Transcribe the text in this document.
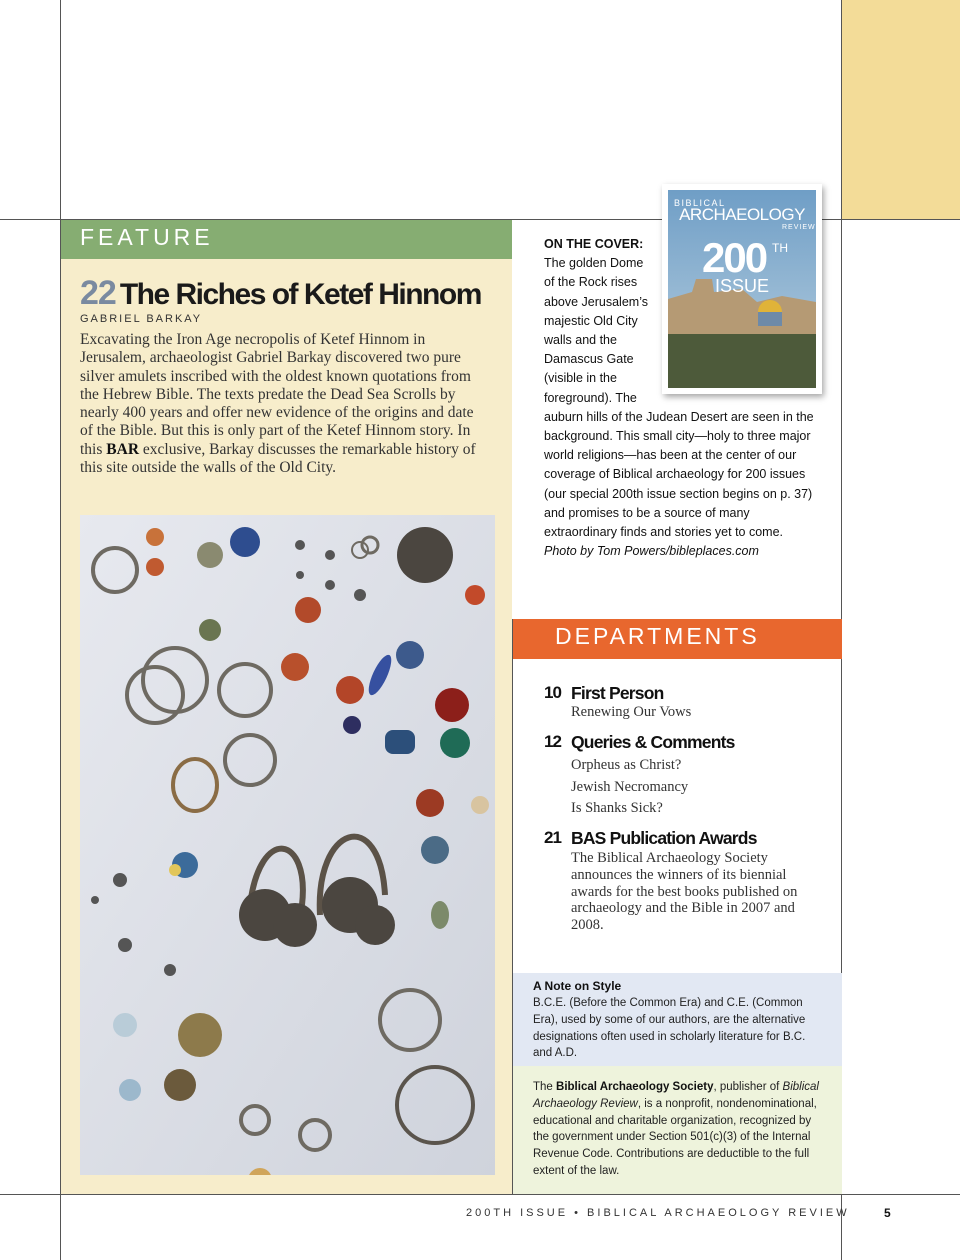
FEATURE
22 The Riches of Ketef Hinnom
GABRIEL BARKAY
Excavating the Iron Age necropolis of Ketef Hinnom in Jerusalem, archaeologist Gabriel Barkay discovered two pure silver amulets inscribed with the oldest known quotations from the Hebrew Bible. The texts predate the Dead Sea Scrolls by nearly 400 years and offer new evidence of the origins and date of the Bible. But this is only part of the Ketef Hinnom story. In this BAR exclusive, Barkay discusses the remarkable history of this site outside the walls of the Old City.
ON THE COVER:
The golden Dome
of the Rock rises
above Jerusalem’s
majestic Old City
walls and the
Damascus Gate
(visible in the
foreground). The
auburn hills of the Judean Desert are seen in the background. This small city—holy to three major world religions—has been at the center of our coverage of Biblical archaeology for 200 issues (our special 200th issue section begins on p. 37) and promises to be a source of many extraordinary finds and stories yet to come. Photo by Tom Powers/bibleplaces.com
BIBLICAL
ARCHAEOLOGY
REVIEW
200 TH
ISSUE
DEPARTMENTS
10 First Person
Renewing Our Vows
12 Queries & Comments
Orpheus as Christ?
Jewish Necromancy
Is Shanks Sick?
21 BAS Publication Awards
The Biblical Archaeology Society announces the winners of its biennial awards for the best books published on archaeology and the Bible in 2007 and 2008.
A Note on Style
B.C.E. (Before the Common Era) and C.E. (Common Era), used by some of our authors, are the alternative designations often used in scholarly literature for B.C. and A.D.

The Biblical Archaeology Society, publisher of Biblical Archaeology Review, is a nonprofit, nondenominational, educational and charitable organization, recognized by the government under Section 501(c)(3) of the Internal Revenue Code. Contributions are deductible to the full extent of the law.

200TH ISSUE • BIBLICAL ARCHAEOLOGY REVIEW	5
